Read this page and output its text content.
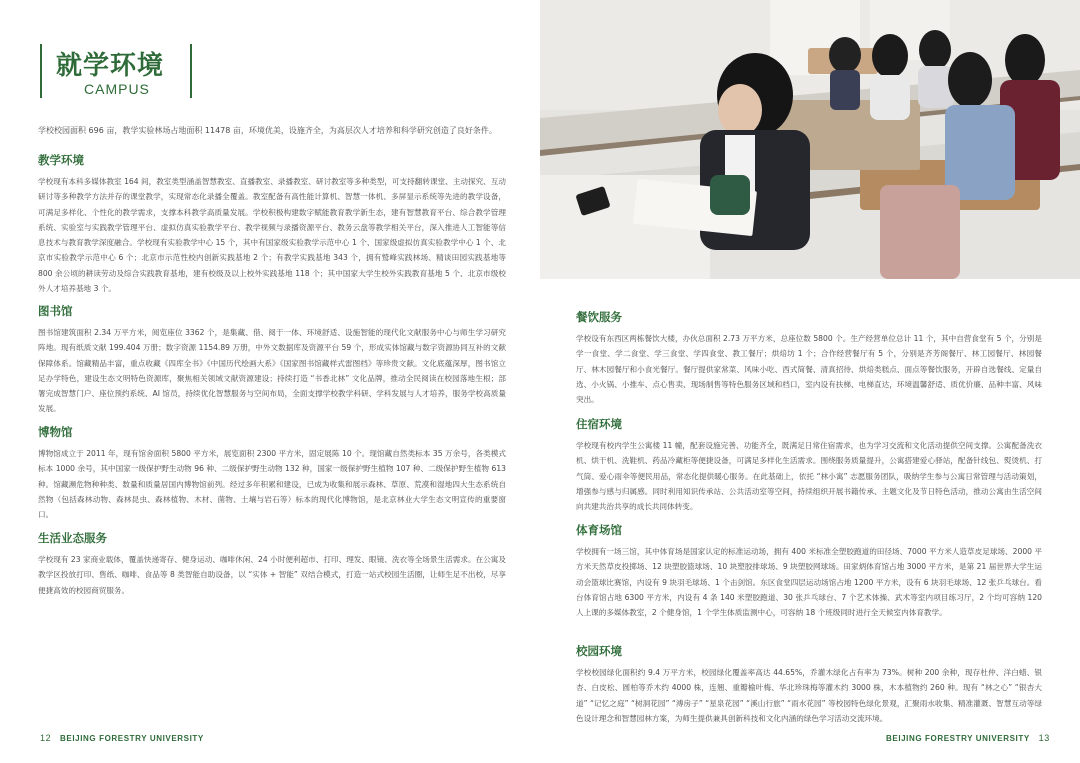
就学环境
CAMPUS
学校校园面积 696 亩，教学实验林场占地面积 11478 亩，环境优美，设施齐全，为高层次人才培养和科学研究创造了良好条件。
教学环境
学校现有本科多媒体教室 164 间，教室类型涵盖智慧教室、直播教室、录播教室、研讨教室等多种类型，可支持翻转课堂、主动探究、互动研讨等多种教学方法并存的课堂教学，实现常态化录播全覆盖。教室配备有高性能计算机、智慧一体机、多屏显示系统等先进的教学设备，可满足多样化、个性化的教学需求，支撑本科教学高质量发展。学校积极构建数字赋能教育教学新生态，建有智慧教育平台、综合教学管理系统、实验室与实践教学管理平台、虚拟仿真实验教学平台、教学视频与录播资源平台、教务云盘等教学相关平台，深入推进人工智能等信息技术与教育教学深度融合。学校现有实验教学中心 15 个，其中有国家级实验教学示范中心 1 个、国家级虚拟仿真实验教学中心 1 个、北京市实验教学示范中心 6 个；北京市示范性校内创新实践基地 2 个；有教学实践基地 343 个，拥有鹫峰实践林场、精谈田园实践基地等 800 余公顷的耕读劳动及综合实践教育基地，建有校级及以上校外实践基地 118 个；其中国家大学生校外实践教育基地 5 个、北京市级校外人才培养基地 3 个。
图书馆
图书馆建筑面积 2.34 万平方米，阅览座位 3362 个，是集藏、借、阅于一体、环境舒适、设施智能的现代化文献服务中心与师生学习研究阵地。现有纸质文献 199.404 万册；数字资源 1154.89 万册，中外文数据库及资源平台 59 个，形成实体馆藏与数字资源协同互补的文献保障体系。馆藏精品丰富，重点收藏《四库全书》《中国历代绘画大系》《国家图书馆藏样式雷图档》等珍贵文献。文化底蕴深厚，图书馆立足办学特色，建设生态文明特色资源库，聚焦相关领域文献资源建设；持续打造 “书香北林” 文化品牌，推动全民阅读在校园落地生根；部署完成智慧门户、座位预约系统、AI 馆员，持续优化智慧服务与空间布局，全面支撑学校教学科研、学科发展与人才培养，服务学校高质量发展。
博物馆
博物馆成立于 2011 年，现有馆舍面积 5800 平方米，展览面积 2300 平方米，固定展陈 10 个。现馆藏自然类标本 35 万余号，各类模式标本 1000 余号，其中国家一级保护野生动物 96 种、二级保护野生动物 132 种，国家一级保护野生植物 107 种、二级保护野生植物 613 种。馆藏濒危物种种类、数量和质量居国内博物馆前列。经过多年积累和建设，已成为收集和展示森林、草原、荒漠和湿地四大生态系统自然物（包括森林动物、森林昆虫、森林植物、木材、菌物、土壤与岩石等）标本的现代化博物馆，是北京林业大学生态文明宣传的重要窗口。
生活业态服务
学校现有 23 家商业载体，覆盖快递寄存、健身运动、咖啡休闲、24 小时便利超市、打印、理发、眼镜、洗衣等全场景生活需求。在公寓及教学区投放打印、售纸、咖啡、食品等 8 类智能自助设备，以 “实体 + 智能” 双结合模式，打造一站式校园生活圈，让师生足不出校，尽享便捷高效的校园商贸服务。
12 BEIJING FORESTRY UNIVERSITY
餐饮服务
学校设有东西区两栋餐饮大楼，办伙总面积 2.73 万平方米，总座位数 5800 个。生产经营单位总计 11 个，其中自营食堂有 5 个，分别是学一食堂、学二食堂、学三食堂、学四食堂、教工餐厅；烘焙坊 1 个；合作经营餐厅有 5 个，分别是齐芳阁餐厅、林工园餐厅、林园餐厅、林木园餐厅和小食光餐厅。餐厅提供家常菜、风味小吃、西式简餐、清真招待、烘焙类糕点、面点等餐饮服务，开辟自选餐线、定量自选、小火锅、小推车、点心售卖、现场制售等特色服务区域和档口，室内设有扶梯、电梯直达，环境温馨舒适、质优价廉、品种丰富、风味突出。
住宿环境
学校现有校内学生公寓楼 11 幢，配套设施完善、功能齐全，既满足日常住宿需求，也为学习交流和文化活动提供空间支撑。公寓配备洗衣机、烘干机、洗鞋机、药品冷藏柜等便捷设备，可满足多样化生活需求。围绕服务质量提升，公寓搭建爱心驿站，配备针线包、熨烫机、打气筒、爱心雨伞等便民用品，常态化提供暖心服务。在此基础上，依托 “林小寓” 志愿服务团队，吸纳学生参与公寓日常管理与活动策划，增强参与感与归属感。同时利用知识传承站、公共活动室等空间，持续组织开展书籍传承、主题文化及节日特色活动，推动公寓由生活空间向共建共治共享的成长共同体转变。
体育场馆
学校拥有一场三馆，其中体育场是国家认定的标准运动场，拥有 400 米标准全塑胶跑道的田径场、7000 平方米人造草皮足球场、2000 平方米天然草皮投掷场、12 块塑胶篮球场、10 块塑胶排球场、9 块塑胶网球场。田家炳体育馆占地 3000 平方米，是第 21 届世界大学生运动会篮球比赛馆，内设有 9 块羽毛球场、1 个击剑馆。东区食堂四层运动场馆占地 1200 平方米，设有 6 块羽毛球场、12 张乒乓球台。看台体育馆占地 6300 平方米，内设有 4 条 140 米塑胶跑道、30 张乒乓球台、7 个艺术体操、武术等室内项目练习厅，2 个均可容纳 120 人上课的多媒体教室，2 个健身馆，1 个学生体质监测中心，可容纳 18 个班级同时进行全天候室内体育教学。
校园环境
学校校园绿化面积约 9.4 万平方米，校园绿化覆盖率高达 44.65%，乔灌木绿化占有率为 73%。树种 200 余种，现存杜仲、洋白蜡、银杏、白皮松、圆柏等乔木约 4000 株，连翘、重瓣榆叶梅、华北珍珠梅等灌木约 3000 株，木本植物约 260 种。现有 “林之心” “银杏大道” “记忆之庭” “树洞花园” “溥房子” “星泉花园” “溪山行旅” “雨水花园” 等校园特色绿化景观，汇聚雨水收集、精准灌溉、智慧互动等绿色设计理念和智慧园林方案，为师生提供兼具创新科技和文化内涵的绿色学习活动交流环境。
BEIJING FORESTRY UNIVERSITY 13
